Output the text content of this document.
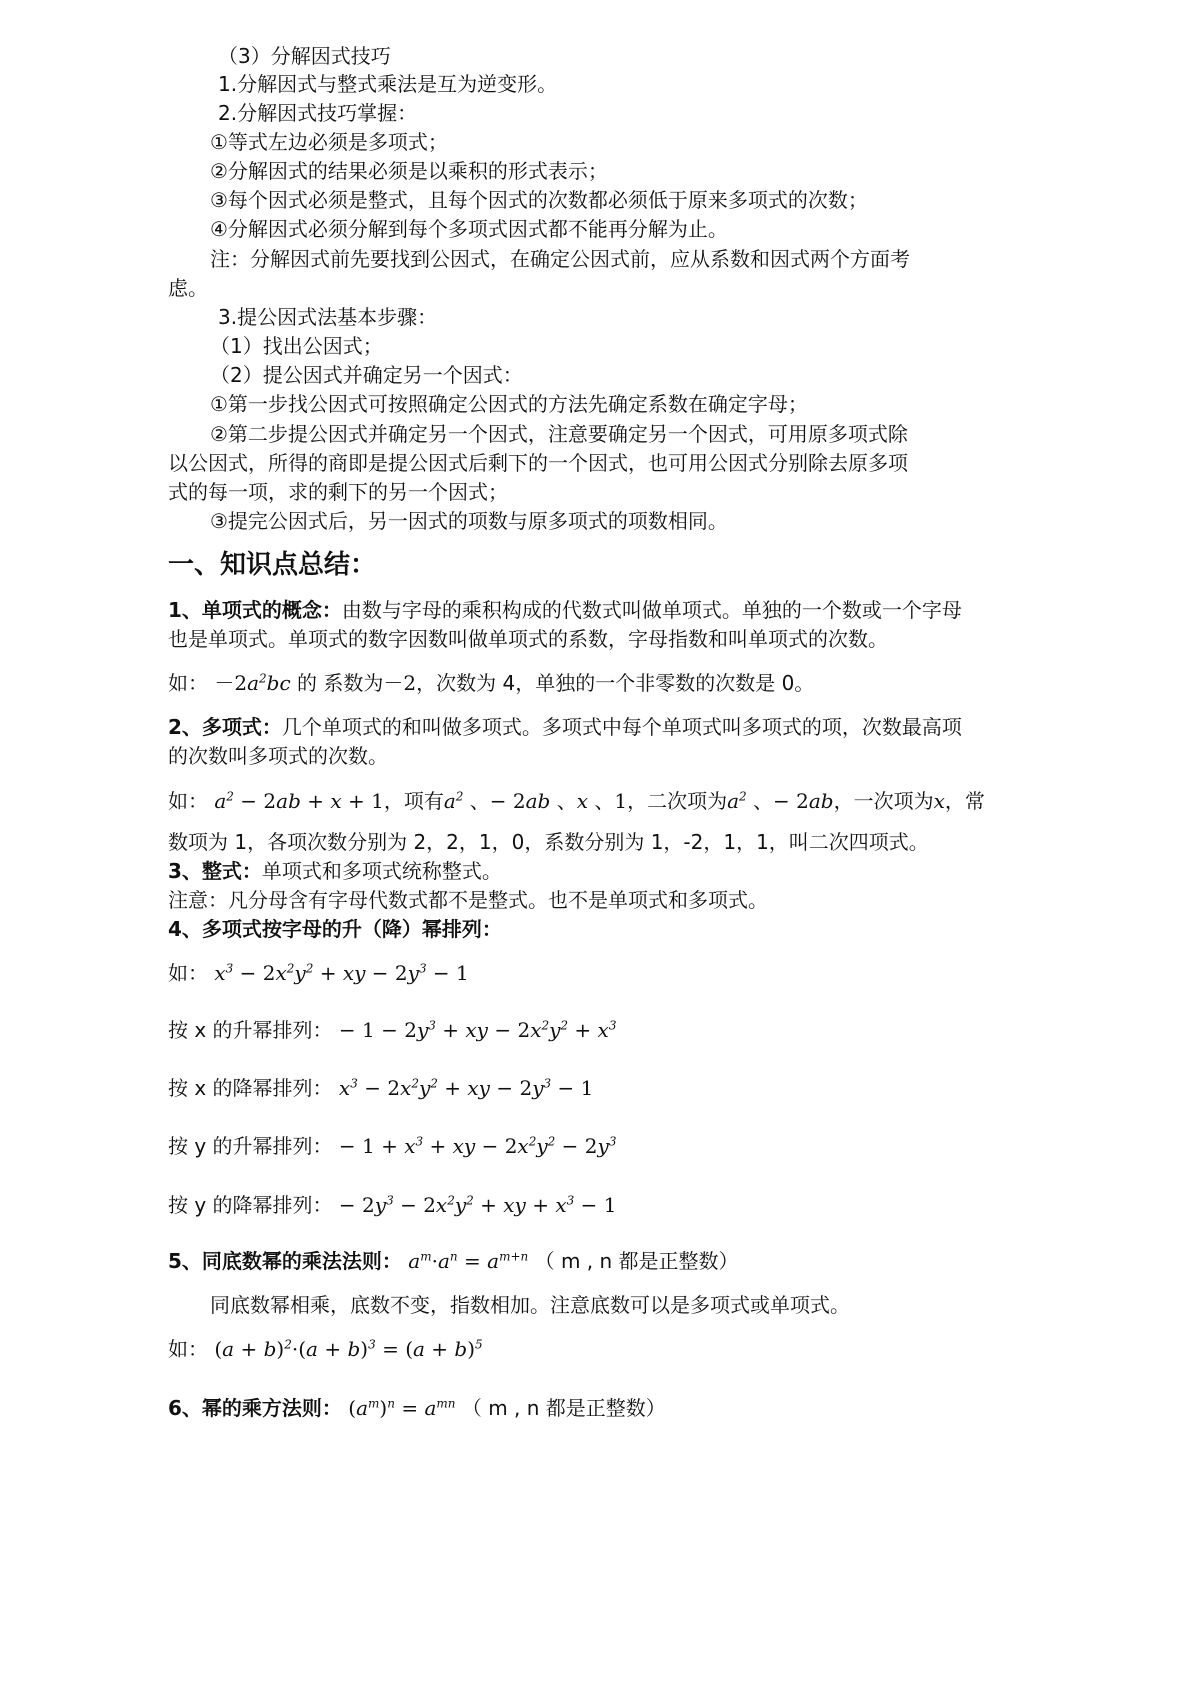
（3）分解因式技巧
1.分解因式与整式乘法是互为逆变形。
2.分解因式技巧掌握：
①等式左边必须是多项式；
②分解因式的结果必须是以乘积的形式表示；
③每个因式必须是整式，且每个因式的次数都必须低于原来多项式的次数；
④分解因式必须分解到每个多项式因式都不能再分解为止。
注：分解因式前先要找到公因式，在确定公因式前，应从系数和因式两个方面考
虑。
3.提公因式法基本步骤：
（1）找出公因式；
（2）提公因式并确定另一个因式：
①第一步找公因式可按照确定公因式的方法先确定系数在确定字母；
②第二步提公因式并确定另一个因式，注意要确定另一个因式，可用原多项式除
以公因式，所得的商即是提公因式后剩下的一个因式，也可用公因式分别除去原多项
式的每一项，求的剩下的另一个因式；
③提完公因式后，另一因式的项数与原多项式的项数相同。
一、知识点总结：
1、单项式的概念：由数与字母的乘积构成的代数式叫做单项式。单独的一个数或一个字母
也是单项式。单项式的数字因数叫做单项式的系数，字母指数和叫单项式的次数。
如： $-2a^2bc$ 的 系数为－2，次数为 4，单独的一个非零数的次数是 0。
2、多项式：几个单项式的和叫做多项式。多项式中每个单项式叫多项式的项，次数最高项
的次数叫多项式的次数。
如： $a^2 - 2ab + x + 1$，项有$a^2$ 、− 2ab 、x 、1，二次项为$a^2$ 、− 2ab，一次项为x，常
数项为 1，各项次数分别为 2，2，1，0，系数分别为 1，-2，1，1，叫二次四项式。
3、整式：单项式和多项式统称整式。
注意：凡分母含有字母代数式都不是整式。也不是单项式和多项式。
4、多项式按字母的升（降）幂排列：
如： $x^3 - 2x^2y^2$ + xy − $2y^3 - 1$
按 x 的升幂排列： − $1 - 2y^3$ + xy − $2x^2y^2 + x^3$
按 x 的降幂排列： $x^3 - 2x^2y^2$ + xy − $2y^3 - 1$
按 y 的升幂排列： − $1 + x^3$ + xy − $2x^2y^2 - 2y^3$
按 y 的降幂排列： − $2y^3 - 2x^2y^2$ + xy + $x^3 - 1$
5、同底数幂的乘法法则： $a^m\cdot a^n = a^{m+n}$ （ m , n 都是正整数）
同底数幂相乘，底数不变，指数相加。注意底数可以是多项式或单项式。
如： $(a + b)^2\cdot(a + b)^3 = (a + b)^5$
6、幂的乘方法则： $(a^m)^n = a^{mn}$ （ m , n 都是正整数）
